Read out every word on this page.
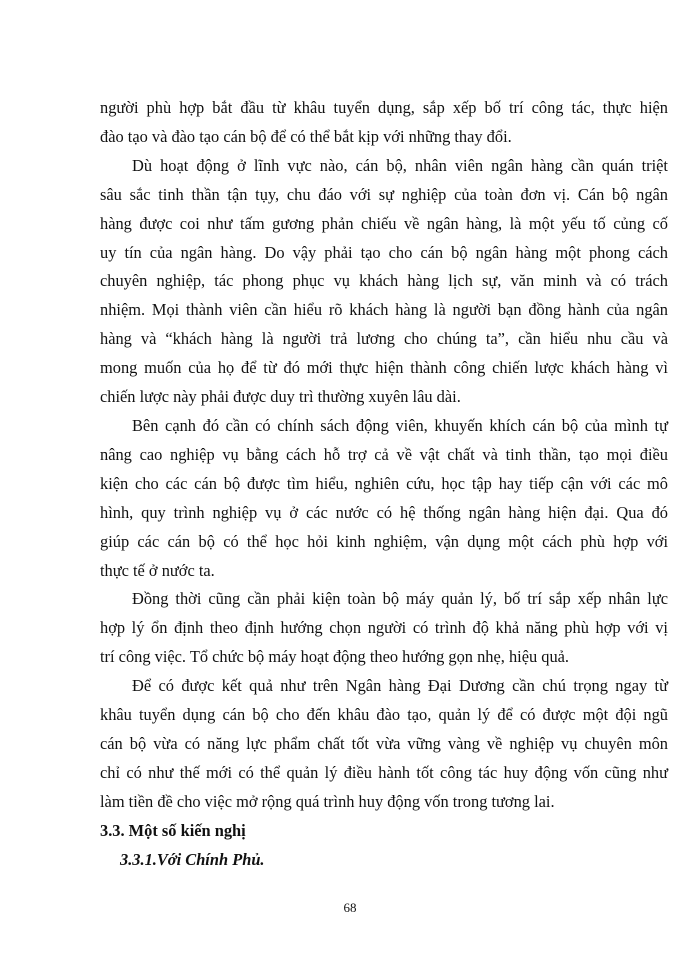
người phù hợp bắt đầu từ khâu tuyển dụng, sắp xếp bố trí công tác, thực hiện
đào tạo và đào tạo cán bộ để có thể bắt kịp với những thay đổi.

Dù hoạt động ở lĩnh vực nào, cán bộ, nhân viên ngân hàng cần quán triệt
sâu sắc tinh thần tận tụy, chu đáo với sự nghiệp của toàn đơn vị. Cán bộ ngân
hàng được coi như tấm gương phản chiếu về ngân hàng, là một yếu tố củng cố
uy tín của ngân hàng. Do vậy phải tạo cho cán bộ ngân hàng một phong cách
chuyên nghiệp, tác phong phục vụ khách hàng lịch sự, văn minh và có trách
nhiệm. Mọi thành viên cần hiểu rõ khách hàng là người bạn đồng hành của ngân
hàng và “khách hàng là người trả lương cho chúng ta”, cần hiểu nhu cầu và
mong muốn của họ để từ đó mới thực hiện thành công chiến lược khách hàng vì
chiến lược này phải được duy trì thường xuyên lâu dài.

Bên cạnh đó cần có chính sách động viên, khuyến khích cán bộ của mình tự
nâng cao nghiệp vụ bằng cách hỗ trợ cả về vật chất và tinh thần, tạo mọi điều
kiện cho các cán bộ được tìm hiểu, nghiên cứu, học tập hay tiếp cận với các mô
hình, quy trình nghiệp vụ ở các nước có hệ thống ngân hàng hiện đại. Qua đó
giúp các cán bộ có thể học hỏi kinh nghiệm, vận dụng một cách phù hợp với
thực tế ở nước ta.

Đồng thời cũng cần phải kiện toàn bộ máy quản lý, bố trí sắp xếp nhân lực
hợp lý ổn định theo định hướng chọn người có trình độ khả năng phù hợp với vị
trí công việc. Tổ chức bộ máy hoạt động theo hướng gọn nhẹ, hiệu quả.

Để có được kết quả như trên Ngân hàng Đại Dương cần chú trọng ngay từ
khâu tuyển dụng cán bộ cho đến khâu đào tạo, quản lý để có được một đội ngũ
cán bộ vừa có năng lực phẩm chất tốt vừa vững vàng về nghiệp vụ chuyên môn
chỉ có như thế mới có thể quản lý điều hành tốt công tác huy động vốn cũng như
làm tiền đề cho việc mở rộng quá trình huy động vốn trong tương lai.

3.3. Một số kiến nghị

3.3.1.Với Chính Phủ.

68
